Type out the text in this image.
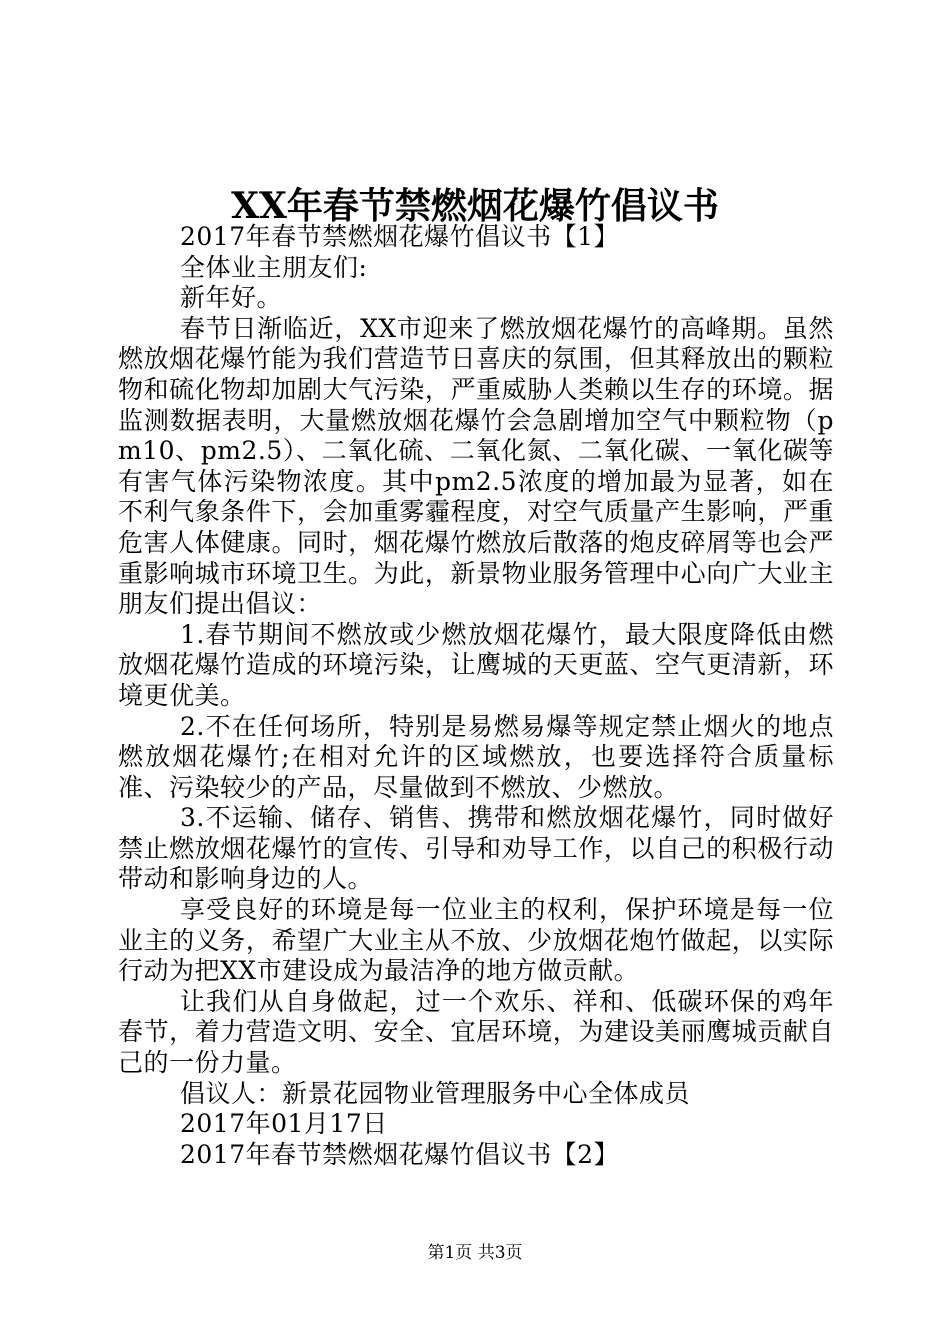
XX年春节禁燃烟花爆竹倡议书

2017年春节禁燃烟花爆竹倡议书【1】

全体业主朋友们:

新年好。

春节日渐临近，XX市迎来了燃放烟花爆竹的高峰期。虽然燃放烟花爆竹能为我们营造节日喜庆的氛围，但其释放出的颗粒物和硫化物却加剧大气污染，严重威胁人类赖以生存的环境。据监测数据表明，大量燃放烟花爆竹会急剧增加空气中颗粒物（pm10、pm2.5）、二氧化硫、二氧化氮、二氧化碳、一氧化碳等有害气体污染物浓度。其中pm2.5浓度的增加最为显著，如在不利气象条件下，会加重雾霾程度，对空气质量产生影响，严重危害人体健康。同时，烟花爆竹燃放后散落的炮皮碎屑等也会严重影响城市环境卫生。为此，新景物业服务管理中心向广大业主朋友们提出倡议：

1.春节期间不燃放或少燃放烟花爆竹，最大限度降低由燃放烟花爆竹造成的环境污染，让鹰城的天更蓝、空气更清新，环境更优美。

2.不在任何场所，特别是易燃易爆等规定禁止烟火的地点燃放烟花爆竹;在相对允许的区域燃放，也要选择符合质量标准、污染较少的产品，尽量做到不燃放、少燃放。

3.不运输、储存、销售、携带和燃放烟花爆竹，同时做好禁止燃放烟花爆竹的宣传、引导和劝导工作，以自己的积极行动带动和影响身边的人。

享受良好的环境是每一位业主的权利，保护环境是每一位业主的义务，希望广大业主从不放、少放烟花炮竹做起，以实际行动为把XX市建设成为最洁净的地方做贡献。

让我们从自身做起，过一个欢乐、祥和、低碳环保的鸡年春节，着力营造文明、安全、宜居环境，为建设美丽鹰城贡献自己的一份力量。

倡议人：新景花园物业管理服务中心全体成员

2017年01月17日

2017年春节禁燃烟花爆竹倡议书【2】

第1页 共3页
